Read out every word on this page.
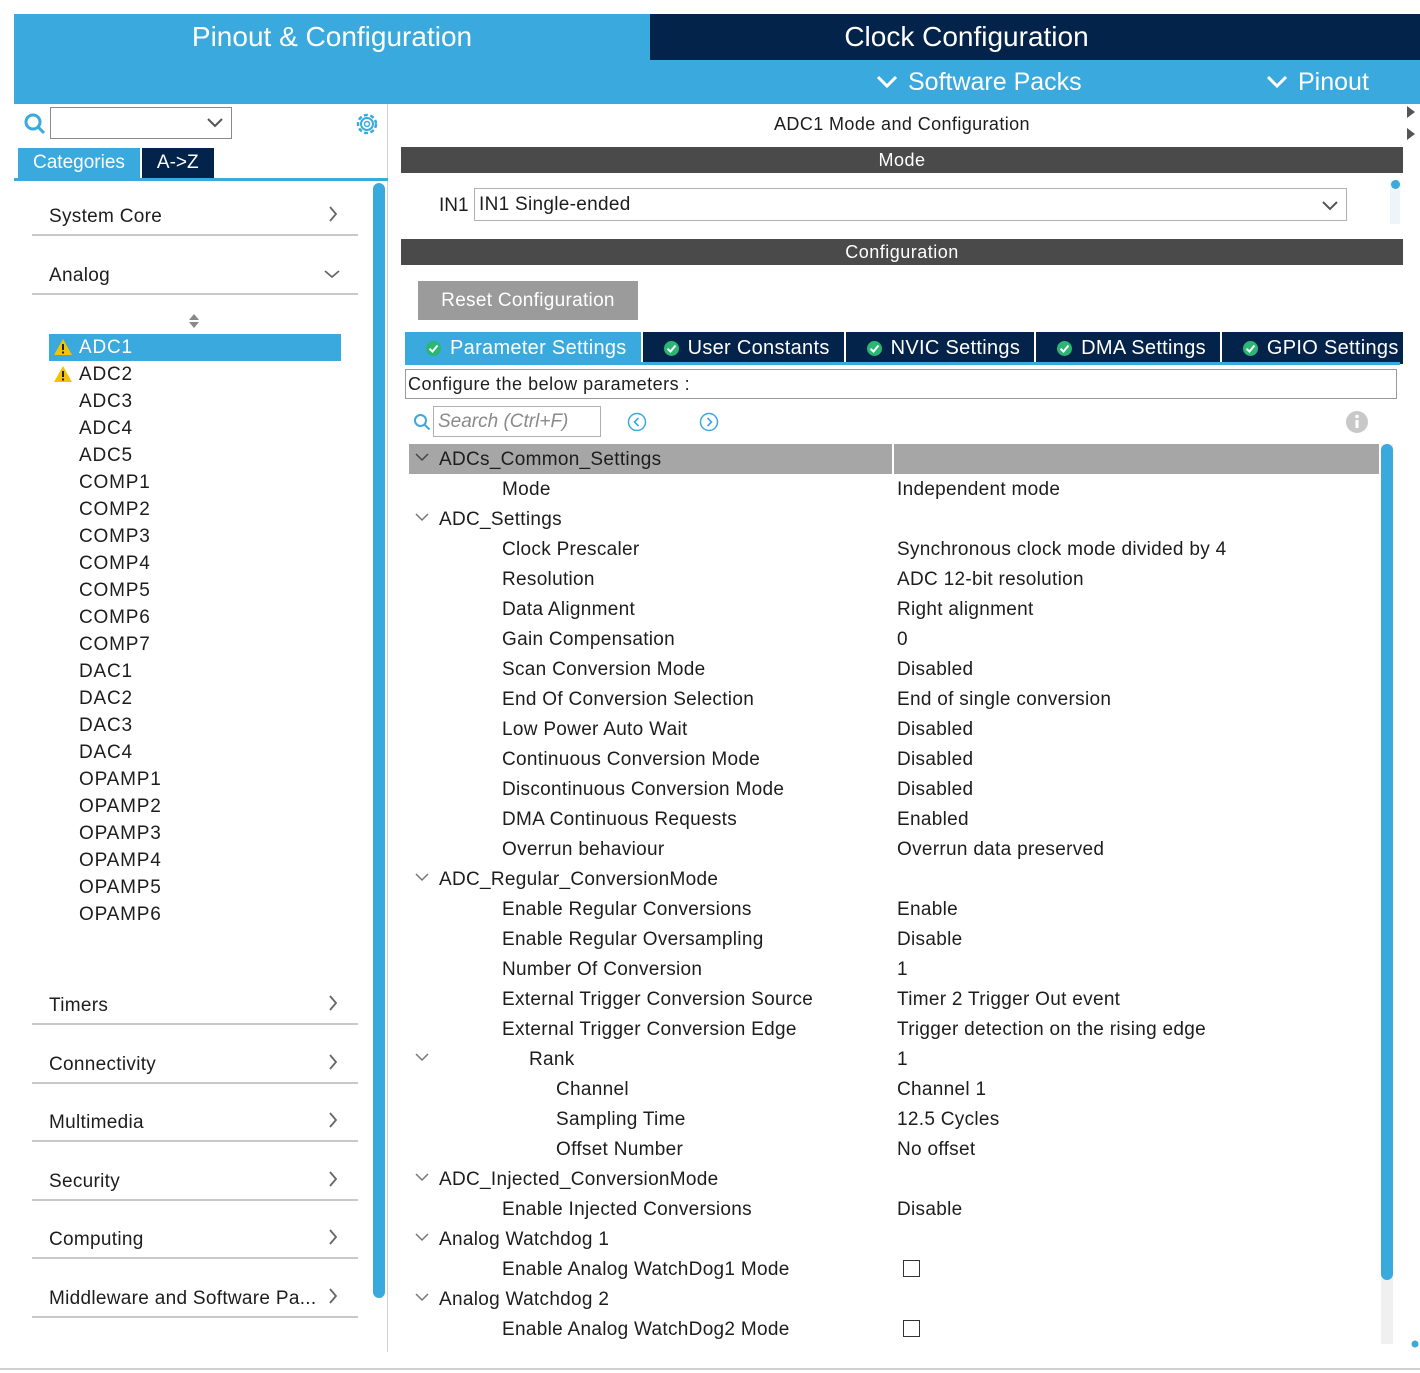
Pinout & Configuration	Clock Configuration
Software Packs	Pinout
Categories	A->Z
System Core
Analog
ADC1
ADC2
ADC3
ADC4
ADC5
COMP1
COMP2
COMP3
COMP4
COMP5
COMP6
COMP7
DAC1
DAC2
DAC3
DAC4
OPAMP1
OPAMP2
OPAMP3
OPAMP4
OPAMP5
OPAMP6
Timers
Connectivity
Multimedia
Security
Computing
Middleware and Software Pa...
ADC1 Mode and Configuration
Mode
IN1 IN1 Single-ended
Configuration
Reset Configuration
Parameter Settings	User Constants	NVIC Settings	DMA Settings	GPIO Settings
Configure the below parameters :
Search (Ctrl+F)
ADCs_Common_Settings
Mode	Independent mode
ADC_Settings
Clock Prescaler	Synchronous clock mode divided by 4
Resolution	ADC 12-bit resolution
Data Alignment	Right alignment
Gain Compensation	0
Scan Conversion Mode	Disabled
End Of Conversion Selection	End of single conversion
Low Power Auto Wait	Disabled
Continuous Conversion Mode	Disabled
Discontinuous Conversion Mode	Disabled
DMA Continuous Requests	Enabled
Overrun behaviour	Overrun data preserved
ADC_Regular_ConversionMode
Enable Regular Conversions	Enable
Enable Regular Oversampling	Disable
Number Of Conversion	1
External Trigger Conversion Source	Timer 2 Trigger Out event
External Trigger Conversion Edge	Trigger detection on the rising edge
Rank	1
Channel	Channel 1
Sampling Time	12.5 Cycles
Offset Number	No offset
ADC_Injected_ConversionMode
Enable Injected Conversions	Disable
Analog Watchdog 1
Enable Analog WatchDog1 Mode
Analog Watchdog 2
Enable Analog WatchDog2 Mode
